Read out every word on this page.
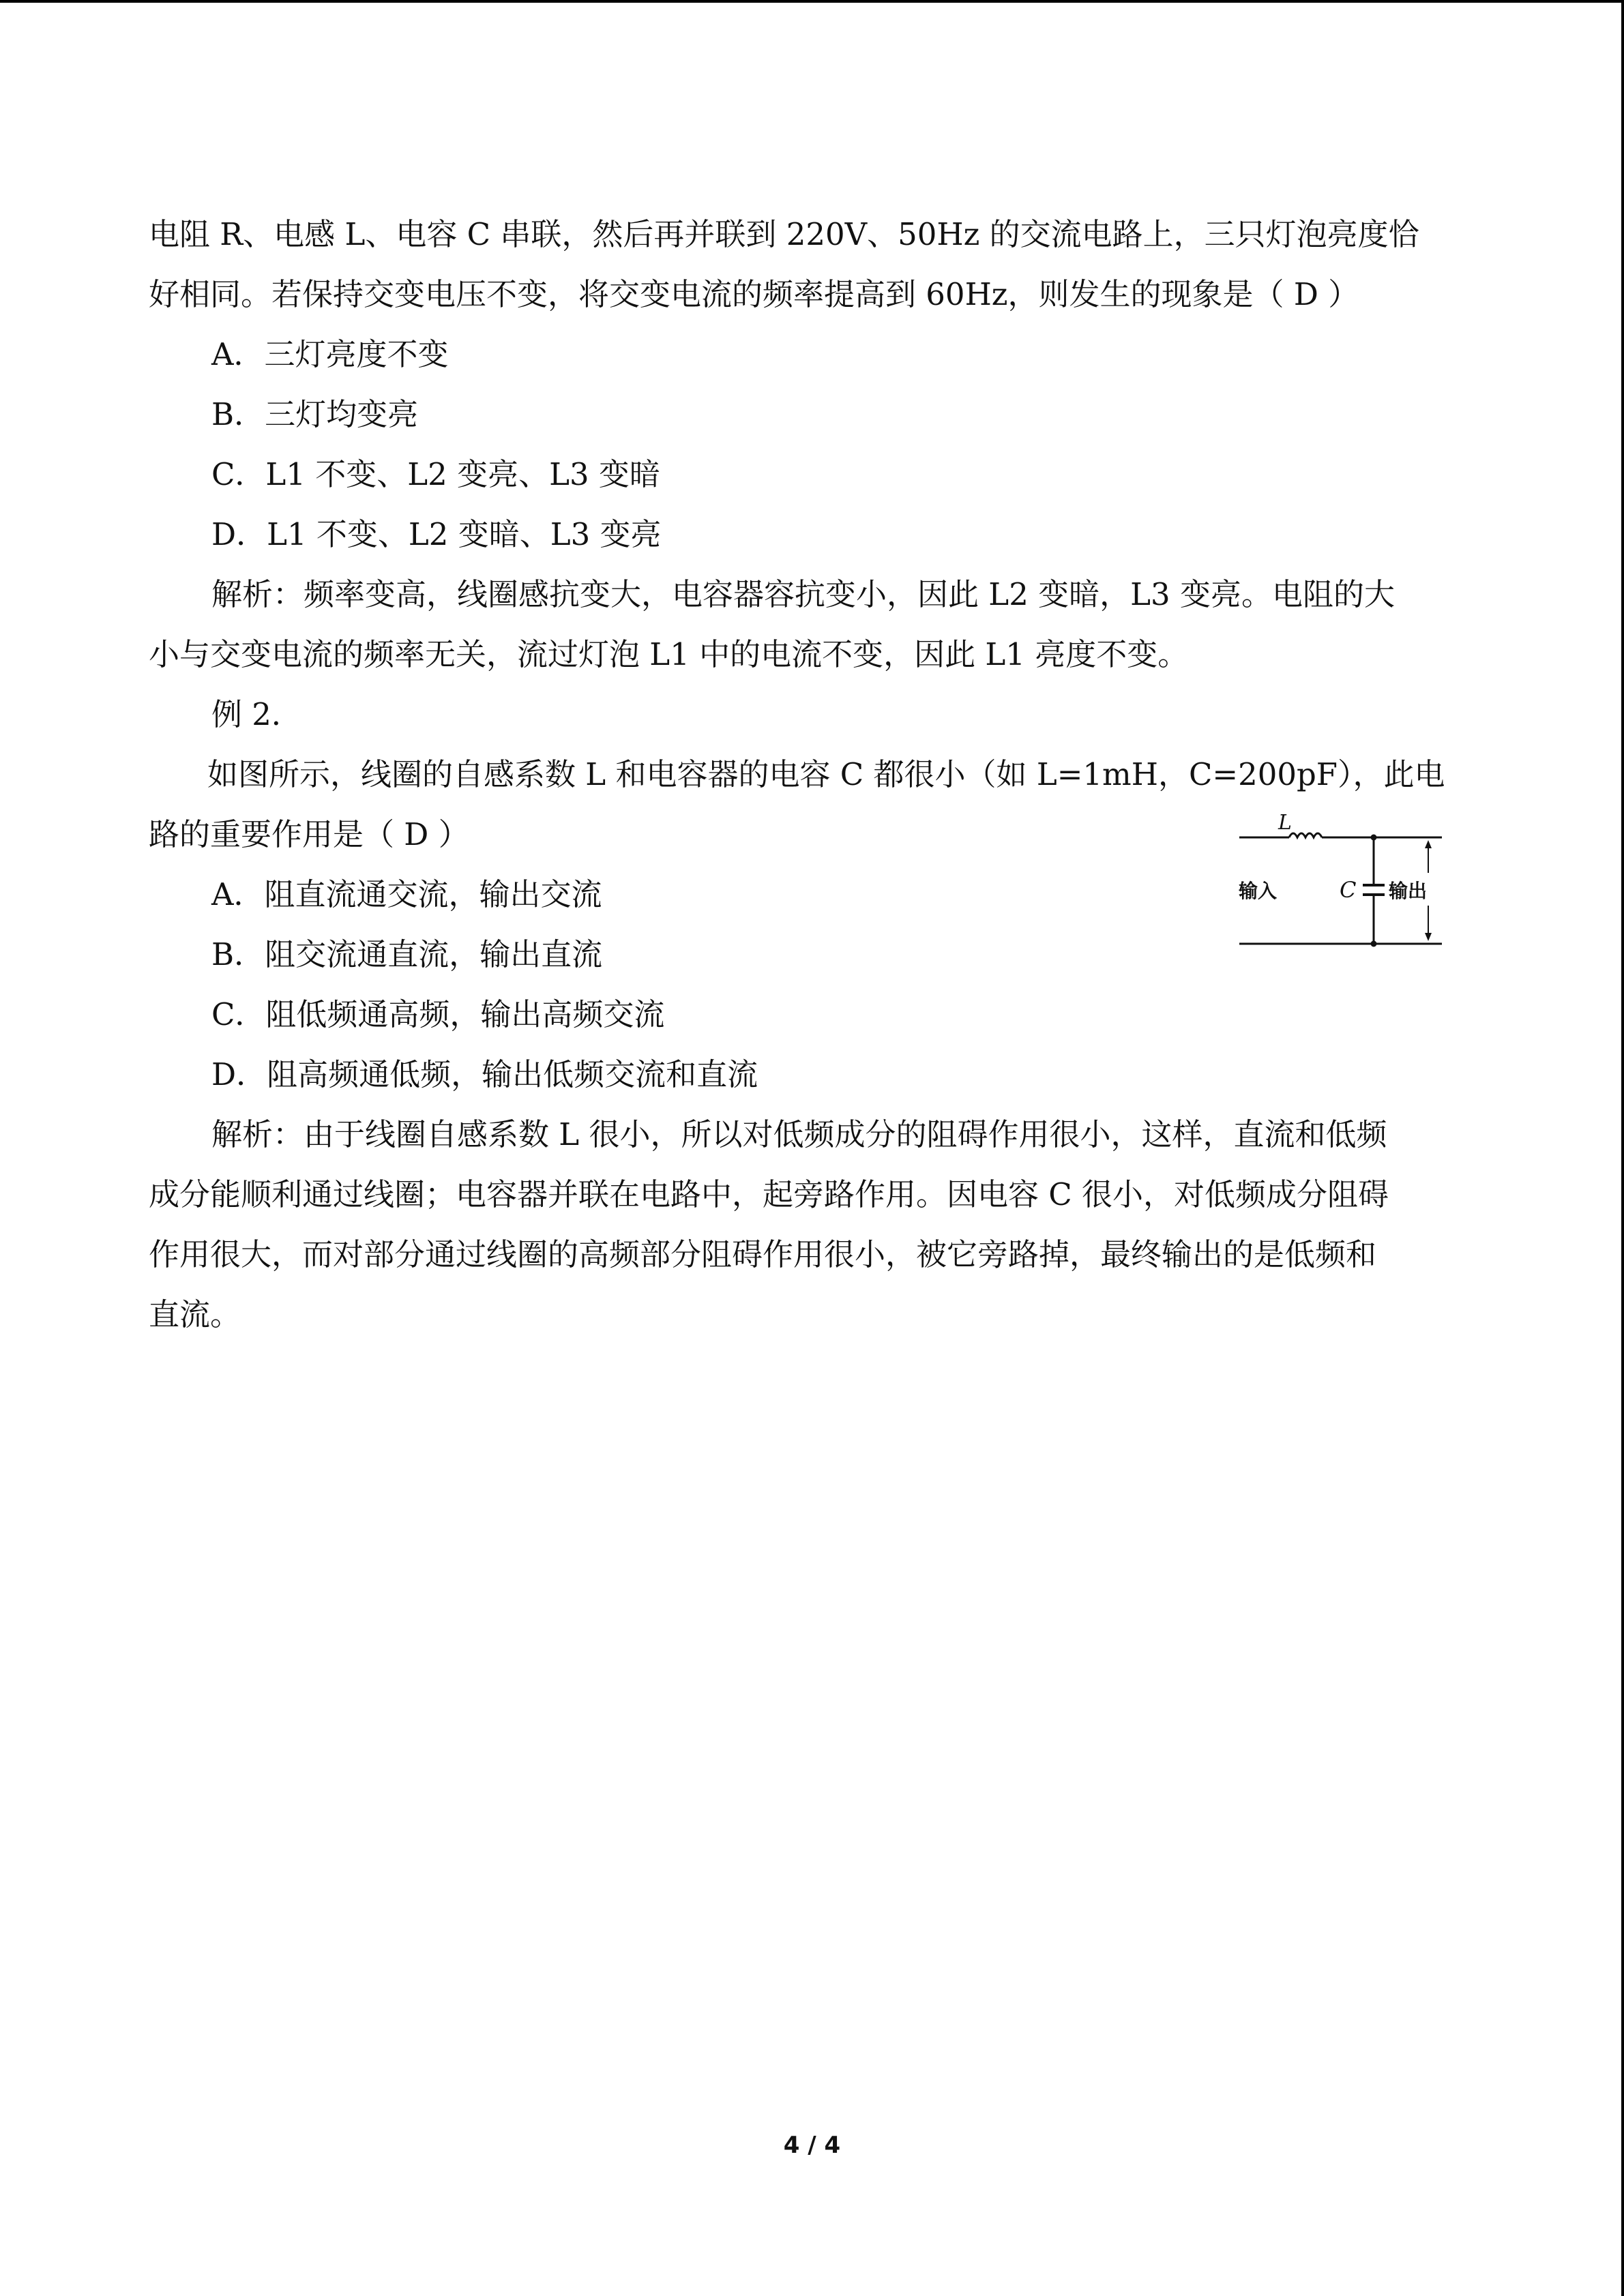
电阻 R、电感 L、电容 C 串联，然后再并联到 220V、50Hz 的交流电路上，三只灯泡亮度恰

好相同。若保持交变电压不变，将交变电流的频率提高到 60Hz，则发生的现象是（ D ）

A．三灯亮度不变

B．三灯均变亮

C．L1 不变、L2 变亮、L3 变暗

D．L1 不变、L2 变暗、L3 变亮

解析：频率变高，线圈感抗变大，电容器容抗变小，因此 L2 变暗，L3 变亮。电阻的大

小与交变电流的频率无关，流过灯泡 L1 中的电流不变，因此 L1 亮度不变。

例 2．

如图所示，线圈的自感系数 L 和电容器的电容 C 都很小（如 L=1mH，C=200pF），此电

路的重要作用是（ D ）

A．阻直流通交流，输出交流

B．阻交流通直流，输出直流

C．阻低频通高频，输出高频交流

D．阻高频通低频，输出低频交流和直流

解析：由于线圈自感系数 L 很小，所以对低频成分的阻碍作用很小，这样，直流和低频

成分能顺利通过线圈；电容器并联在电路中，起旁路作用。因电容 C 很小，对低频成分阻碍

作用很大，而对部分通过线圈的高频部分阻碍作用很小，被它旁路掉，最终输出的是低频和

直流。

L
C
输入	输出
4 / 4
